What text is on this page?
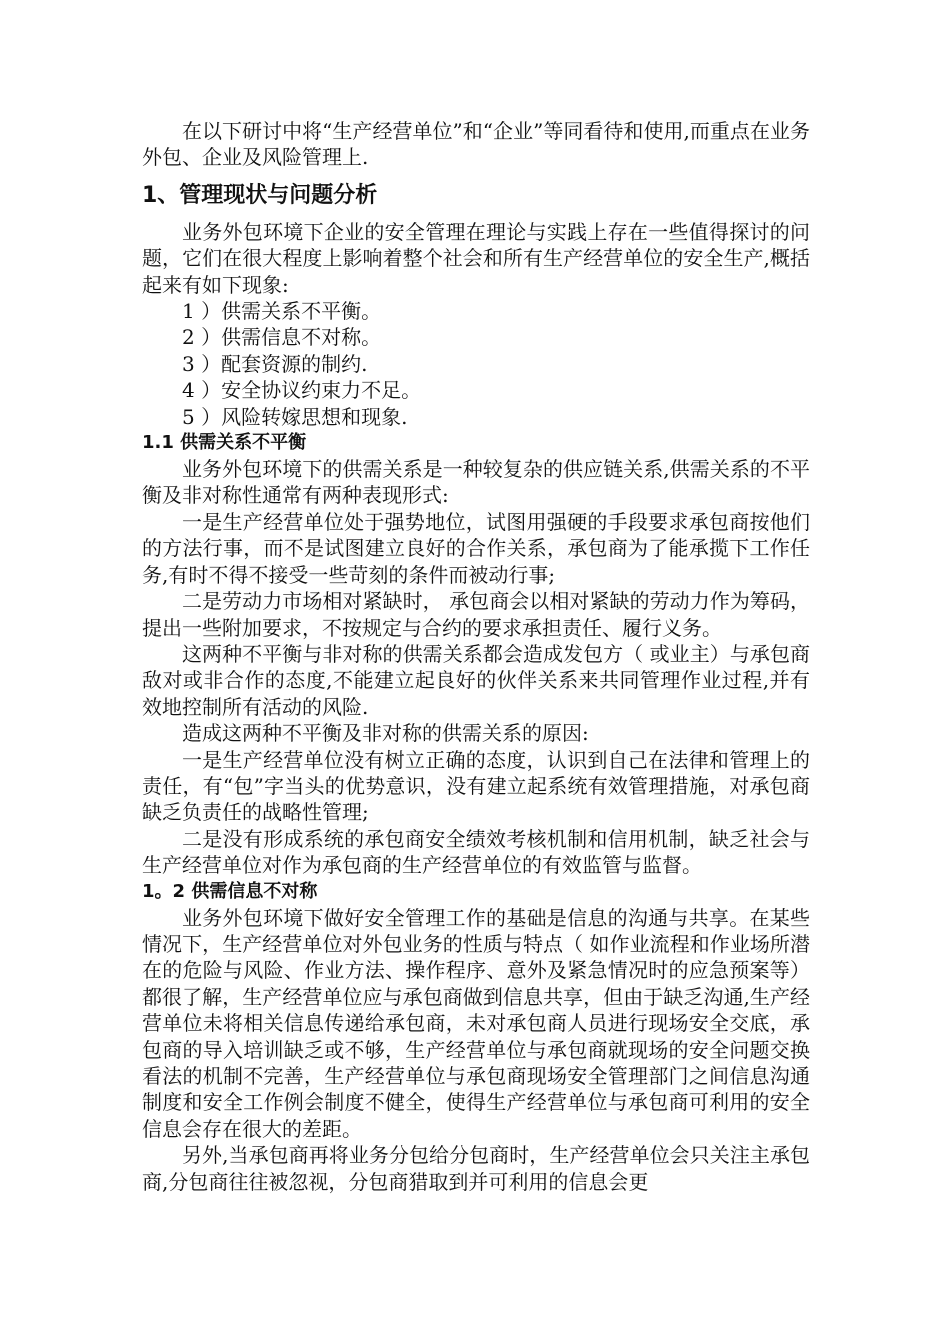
在以下研讨中将“生产经营单位”和“企业”等同看待和使用,而重点在业务外包、企业及风险管理上.

1、管理现状与问题分析

业务外包环境下企业的安全管理在理论与实践上存在一些值得探讨的问题，它们在很大程度上影响着整个社会和所有生产经营单位的安全生产,概括起来有如下现象:

1 ）供需关系不平衡。

2 ）供需信息不对称。

3 ）配套资源的制约.

4 ）安全协议约束力不足。

5 ）风险转嫁思想和现象.

1.1 供需关系不平衡

业务外包环境下的供需关系是一种较复杂的供应链关系,供需关系的不平衡及非对称性通常有两种表现形式:

一是生产经营单位处于强势地位，试图用强硬的手段要求承包商按他们的方法行事，而不是试图建立良好的合作关系，承包商为了能承揽下工作任务,有时不得不接受一些苛刻的条件而被动行事;

二是劳动力市场相对紧缺时， 承包商会以相对紧缺的劳动力作为筹码，提出一些附加要求，不按规定与合约的要求承担责任、履行义务。

这两种不平衡与非对称的供需关系都会造成发包方（ 或业主）与承包商敌对或非合作的态度,不能建立起良好的伙伴关系来共同管理作业过程,并有效地控制所有活动的风险.

造成这两种不平衡及非对称的供需关系的原因:

一是生产经营单位没有树立正确的态度，认识到自己在法律和管理上的责任，有“包”字当头的优势意识，没有建立起系统有效管理措施，对承包商缺乏负责任的战略性管理;

二是没有形成系统的承包商安全绩效考核机制和信用机制，缺乏社会与生产经营单位对作为承包商的生产经营单位的有效监管与监督。

1。2 供需信息不对称

业务外包环境下做好安全管理工作的基础是信息的沟通与共享。在某些情况下，生产经营单位对外包业务的性质与特点（ 如作业流程和作业场所潜在的危险与风险、作业方法、操作程序、意外及紧急情况时的应急预案等）都很了解，生产经营单位应与承包商做到信息共享，但由于缺乏沟通,生产经营单位未将相关信息传递给承包商，未对承包商人员进行现场安全交底，承包商的导入培训缺乏或不够，生产经营单位与承包商就现场的安全问题交换看法的机制不完善，生产经营单位与承包商现场安全管理部门之间信息沟通制度和安全工作例会制度不健全，使得生产经营单位与承包商可利用的安全信息会存在很大的差距。

另外,当承包商再将业务分包给分包商时，生产经营单位会只关注主承包商,分包商往往被忽视，分包商猎取到并可利用的信息会更
